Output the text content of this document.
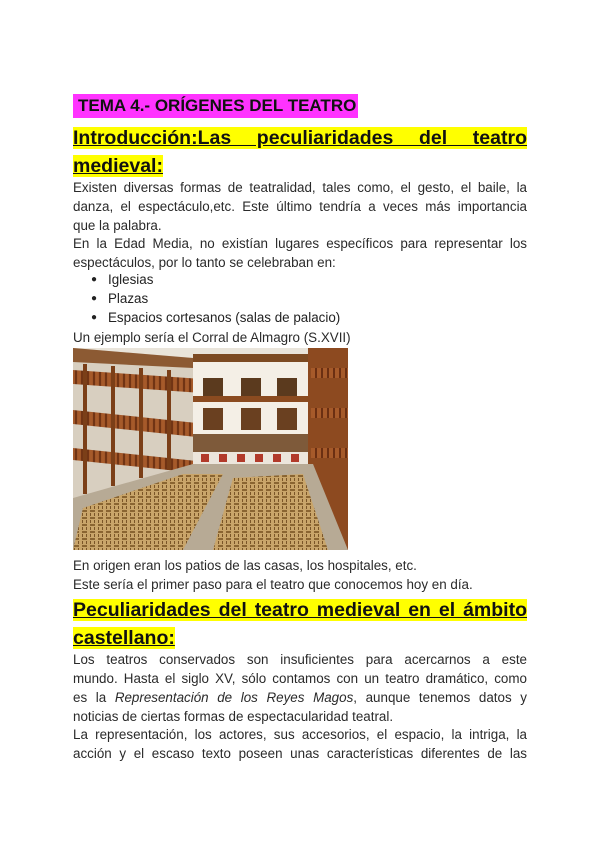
TEMA 4.- ORÍGENES DEL TEATRO
Introducción:Las peculiaridades del teatro
medieval:
Existen diversas formas de teatralidad, tales como, el gesto, el baile, la
danza, el espectáculo,etc. Este último tendría a veces más importancia
que la palabra.
En la Edad Media, no existían lugares específicos para representar los
espectáculos, por lo tanto se celebraban en:
● Iglesias
● Plazas
● Espacios cortesanos (salas de palacio)
Un ejemplo sería el Corral de Almagro (S.XVII)
En origen eran los patios de las casas, los hospitales, etc.
Este sería el primer paso para el teatro que conocemos hoy en día.
Peculiaridades del teatro medieval en el ámbito
castellano:
Los teatros conservados son insuficientes para acercarnos a este
mundo. Hasta el siglo XV, sólo contamos con un teatro dramático, como
es la Representación de los Reyes Magos, aunque tenemos datos y
noticias de ciertas formas de espectacularidad teatral.
La representación, los actores, sus accesorios, el espacio, la intriga, la
acción y el escaso texto poseen unas características diferentes de las
